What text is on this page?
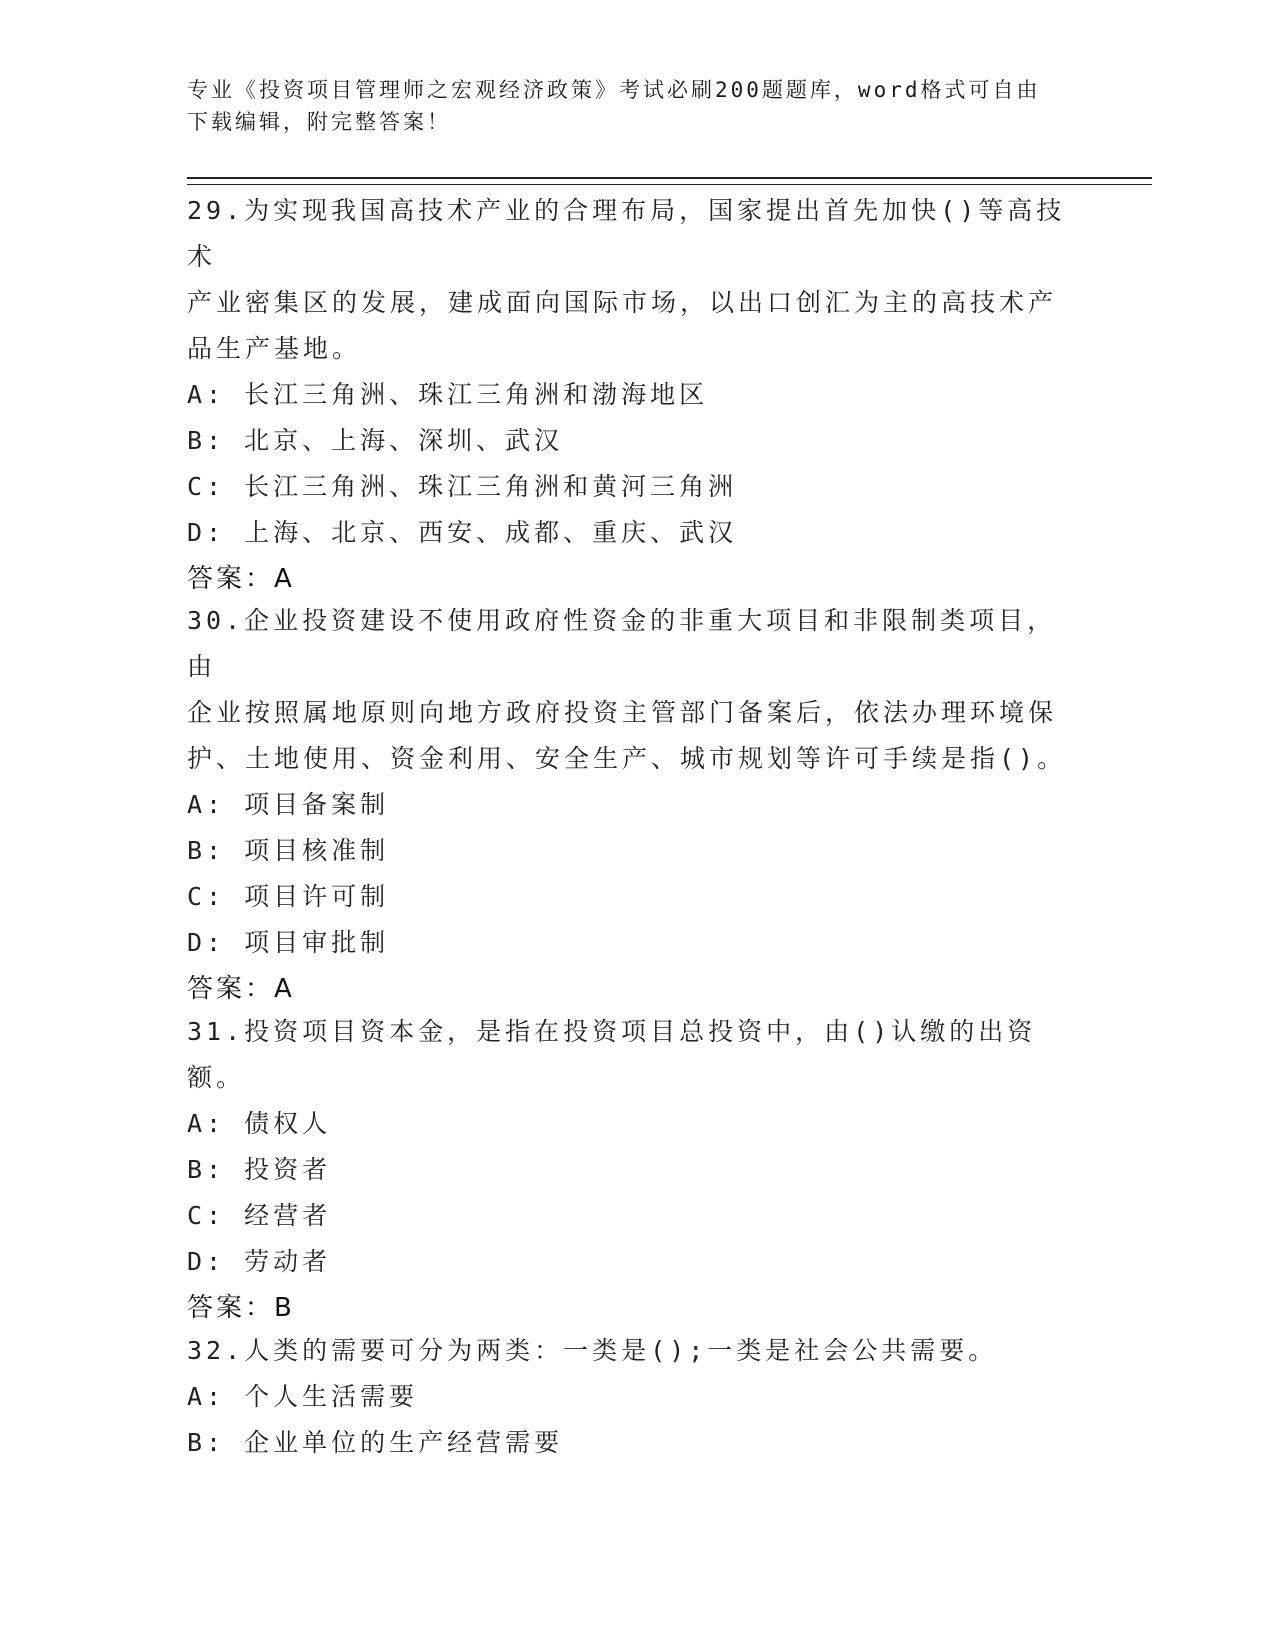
专业《投资项目管理师之宏观经济政策》考试必刷200题题库，word格式可自由
下载编辑，附完整答案！

29.为实现我国高技术产业的合理布局，国家提出首先加快()等高技术

产业密集区的发展，建成面向国际市场，以出口创汇为主的高技术产

品生产基地。

A: 长江三角洲、珠江三角洲和渤海地区

B: 北京、上海、深圳、武汉

C: 长江三角洲、珠江三角洲和黄河三角洲

D: 上海、北京、西安、成都、重庆、武汉

答案：A

30.企业投资建设不使用政府性资金的非重大项目和非限制类项目，由

企业按照属地原则向地方政府投资主管部门备案后，依法办理环境保

护、土地使用、资金利用、安全生产、城市规划等许可手续是指()。

A: 项目备案制

B: 项目核准制

C: 项目许可制

D: 项目审批制

答案：A

31.投资项目资本金，是指在投资项目总投资中，由()认缴的出资额。

A: 债权人

B: 投资者

C: 经营者

D: 劳动者

答案：B

32.人类的需要可分为两类：一类是();一类是社会公共需要。

A: 个人生活需要

B: 企业单位的生产经营需要
